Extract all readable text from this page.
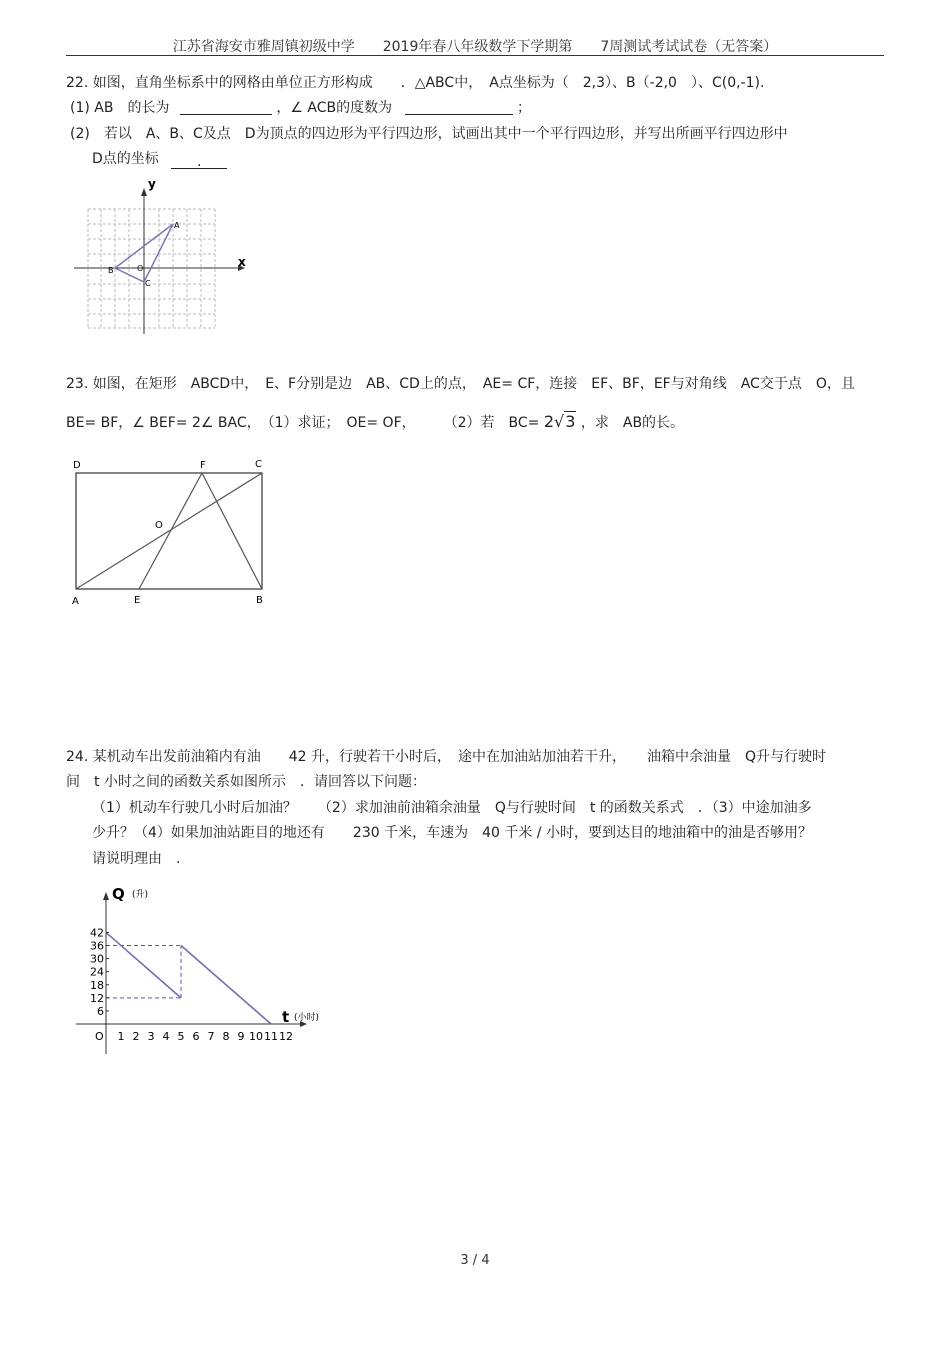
江苏省海安市雅周镇初级中学　　2019年春八年级数学下学期第　　7周测试考试试卷（无答案）
22. 如图，直角坐标系中的网格由单位正方形构成　　．△ABC中，　A点坐标为（　2,3）、B（-2,0　）、C(0,-1).
(1) AB　的长为	，∠ ACB的度数为	；
(2)　若以　A、B、C及点　D为顶点的四边形为平行四边形，试画出其中一个平行四边形，并写出所画平行四边形中
D点的坐标	.
x
y
A
B
C
O
23. 如图，在矩形　ABCD中，　E、F分别是边　AB、CD上的点，　AE= CF，连接　EF、BF，EF与对角线　AC交于点　O，且
BE= BF，∠ BEF= 2∠ BAC，　（1）求证；　OE= OF，　　　（2）若　BC= 2√3 ，求　AB的长。
D	F	C
O
A	E	B
24. 某机动车出发前油箱内有油　　42 升，行驶若干小时后，　途中在加油站加油若干升，　　油箱中余油量　Q升与行驶时
间　t 小时之间的函数关系如图所示　．请回答以下问题：
（1）机动车行驶几小时后加油？　　（2）求加油前油箱余油量　Q与行驶时间　t 的函数关系式　．（3）中途加油多
少升？（4）如果加油站距目的地还有　　230 千米，车速为　40 千米 / 小时，要到达目的地油箱中的油是否够用？
请说明理由　.
Q (升)
t (小时)
O 1 2 3 4 5 6 7 8 9 10 11 12
6
12
18
24
30
36
42
3 / 4
